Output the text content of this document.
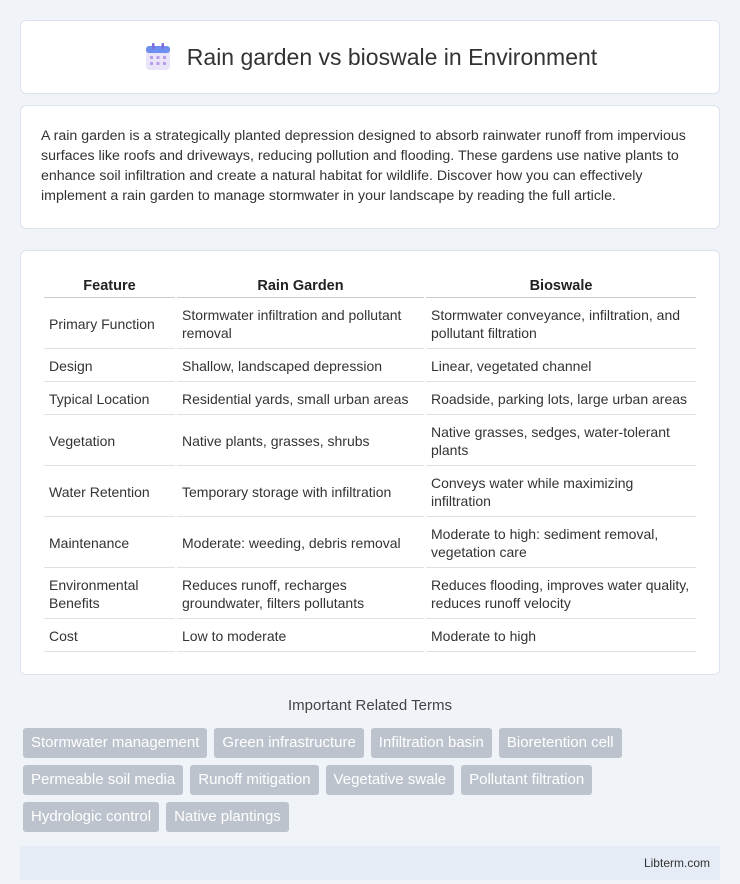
Rain garden vs bioswale in Environment

A rain garden is a strategically planted depression designed to absorb rainwater runoff from impervious surfaces like roofs and driveways, reducing pollution and flooding. These gardens use native plants to enhance soil infiltration and create a natural habitat for wildlife. Discover how you can effectively implement a rain garden to manage stormwater in your landscape by reading the full article.

Feature	Rain Garden	Bioswale
Primary Function	Stormwater infiltration and pollutant removal	Stormwater conveyance, infiltration, and pollutant filtration
Design	Shallow, landscaped depression	Linear, vegetated channel
Typical Location	Residential yards, small urban areas	Roadside, parking lots, large urban areas
Vegetation	Native plants, grasses, shrubs	Native grasses, sedges, water-tolerant plants
Water Retention	Temporary storage with infiltration	Conveys water while maximizing infiltration
Maintenance	Moderate: weeding, debris removal	Moderate to high: sediment removal, vegetation care
Environmental Benefits	Reduces runoff, recharges groundwater, filters pollutants	Reduces flooding, improves water quality, reduces runoff velocity
Cost	Low to moderate	Moderate to high
Important Related Terms
Stormwater management	Green infrastructure	Infiltration basin	Bioretention cell
Permeable soil media	Runoff mitigation	Vegetative swale	Pollutant filtration
Hydrologic control	Native plantings
Libterm.com
